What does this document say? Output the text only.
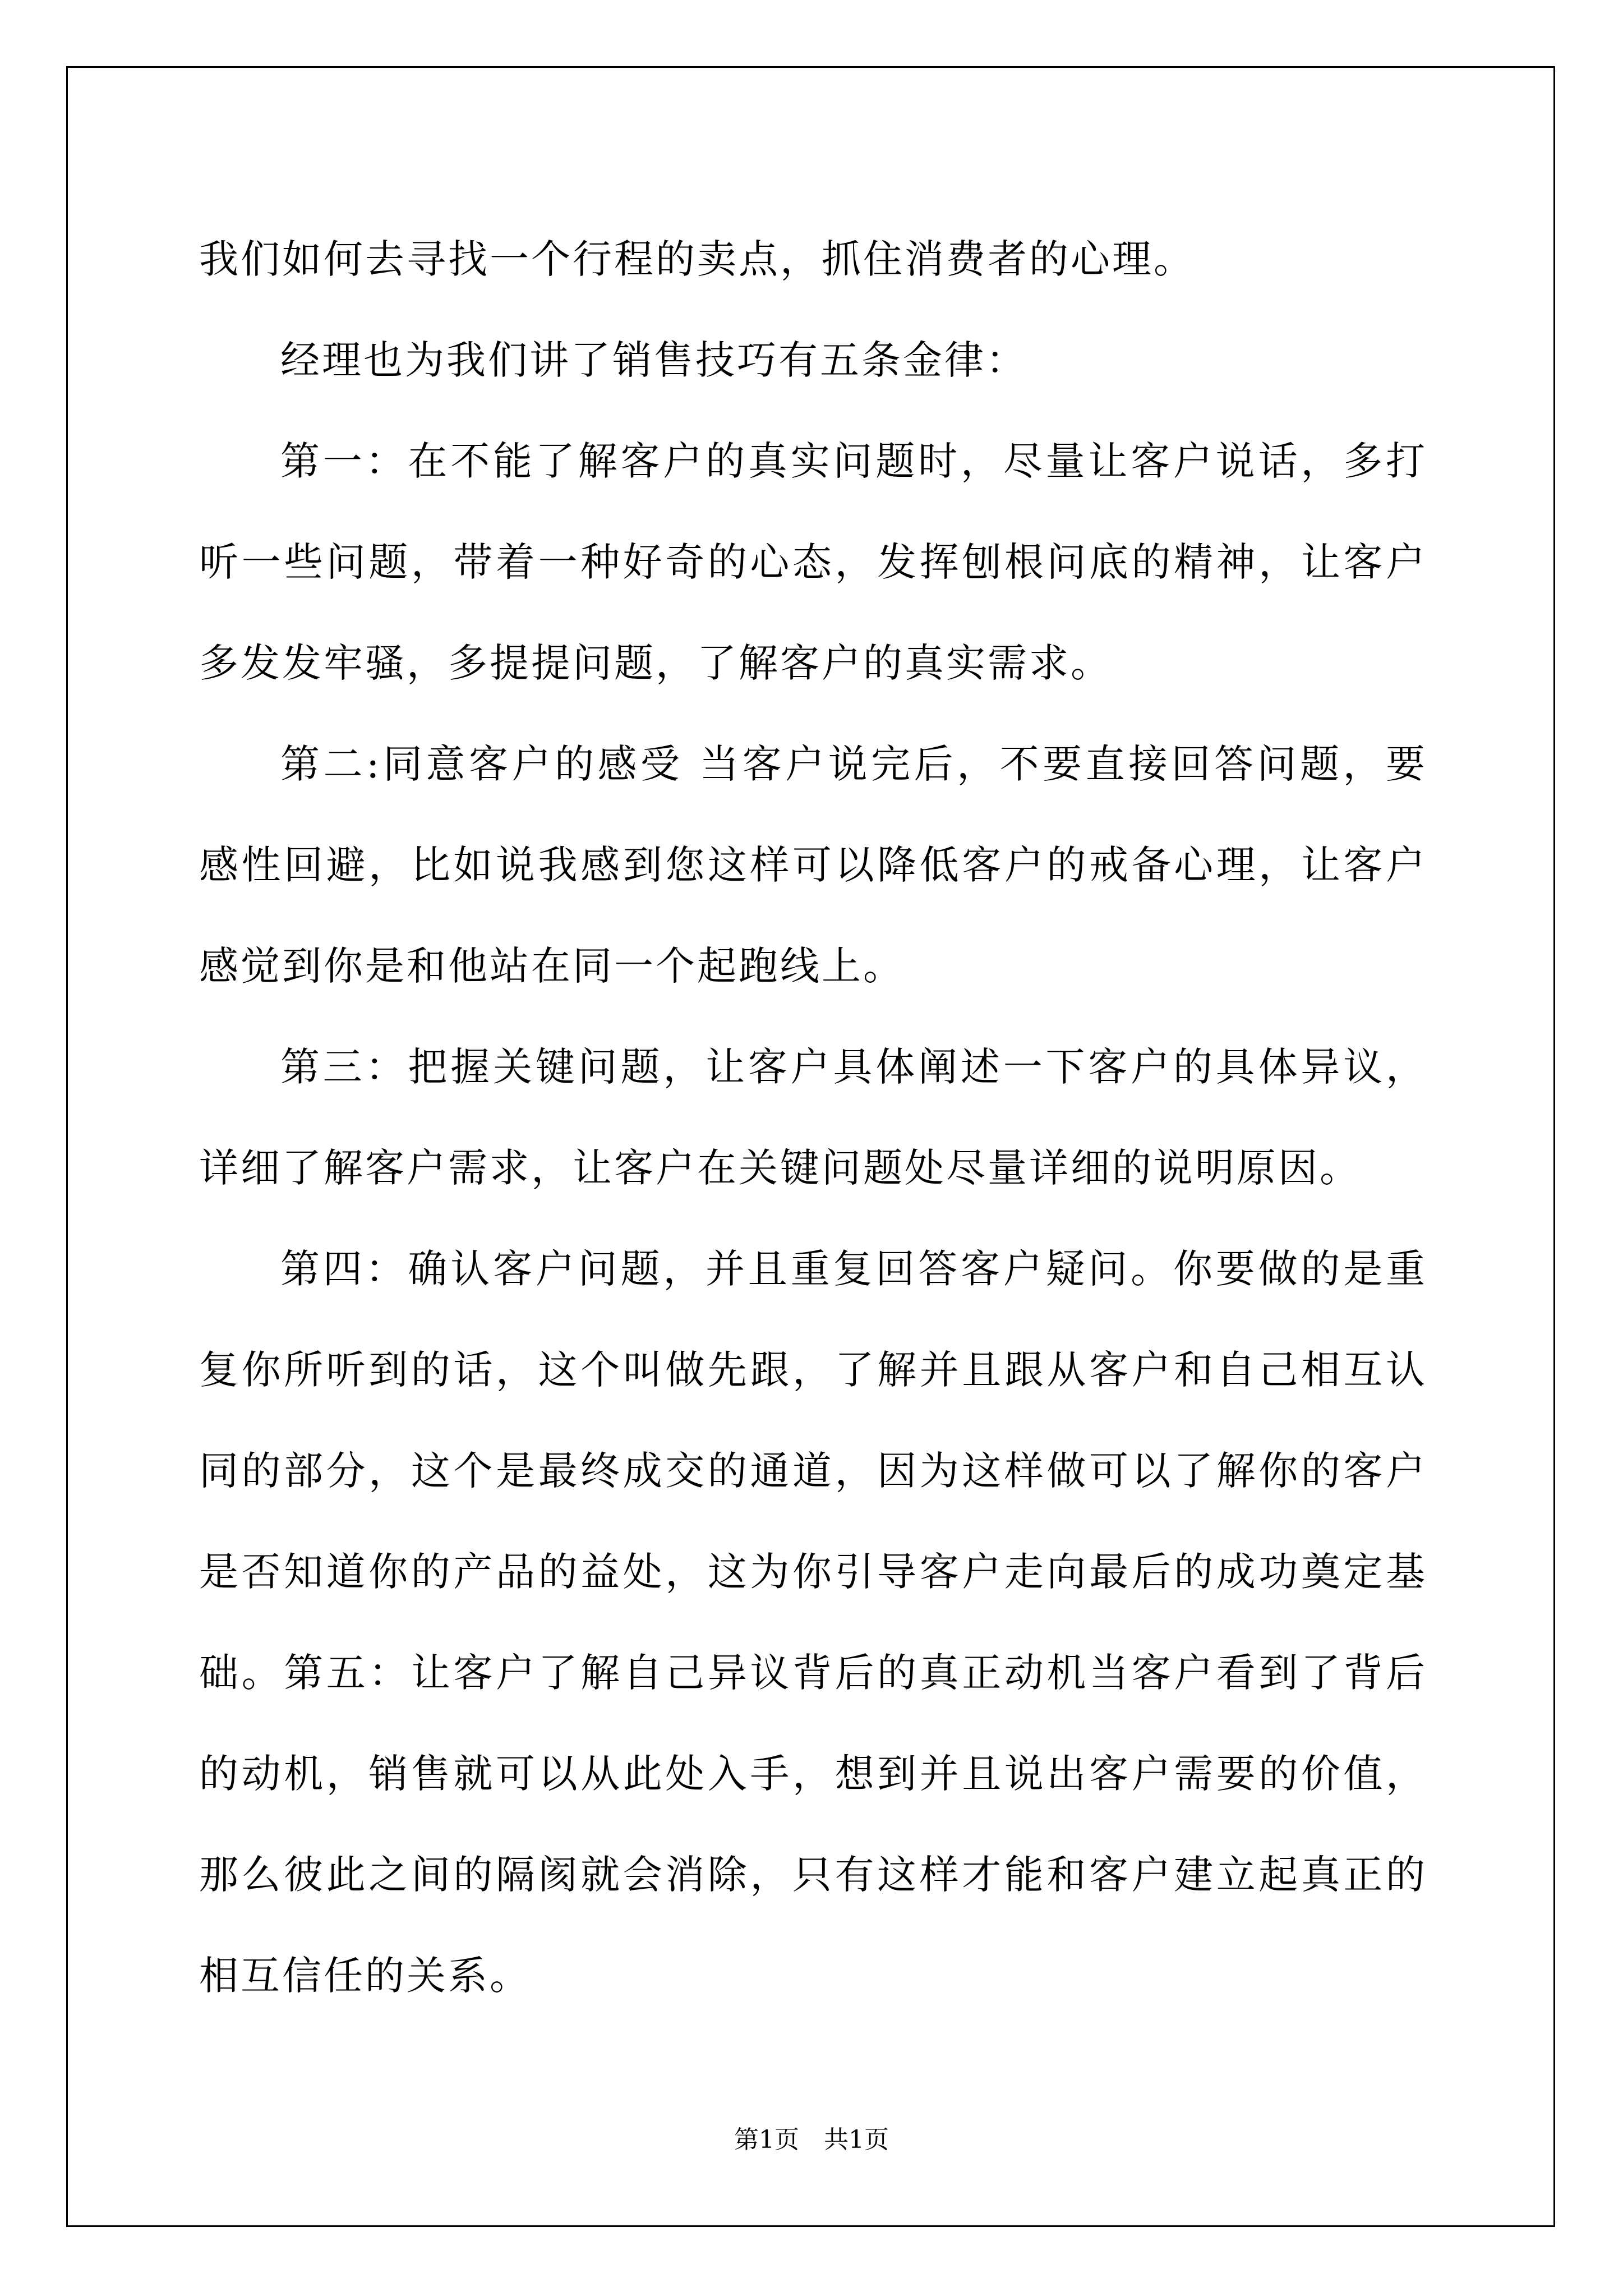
我们如何去寻找一个行程的卖点，抓住消费者的心理。

经理也为我们讲了销售技巧有五条金律：

第一：在不能了解客户的真实问题时，尽量让客户说话，多打听一些问题，带着一种好奇的心态，发挥刨根问底的精神，让客户多发发牢骚，多提提问题，了解客户的真实需求。

第二:同意客户的感受 当客户说完后，不要直接回答问题，要感性回避，比如说我感到您这样可以降低客户的戒备心理，让客户感觉到你是和他站在同一个起跑线上。

第三：把握关键问题，让客户具体阐述一下客户的具体异议，详细了解客户需求，让客户在关键问题处尽量详细的说明原因。

第四：确认客户问题，并且重复回答客户疑问。你要做的是重复你所听到的话，这个叫做先跟，了解并且跟从客户和自己相互认同的部分，这个是最终成交的通道，因为这样做可以了解你的客户是否知道你的产品的益处，这为你引导客户走向最后的成功奠定基础。第五：让客户了解自己异议背后的真正动机当客户看到了背后的动机，销售就可以从此处入手，想到并且说出客户需要的价值，那么彼此之间的隔阂就会消除，只有这样才能和客户建立起真正的相互信任的关系。

第1页 共1页
